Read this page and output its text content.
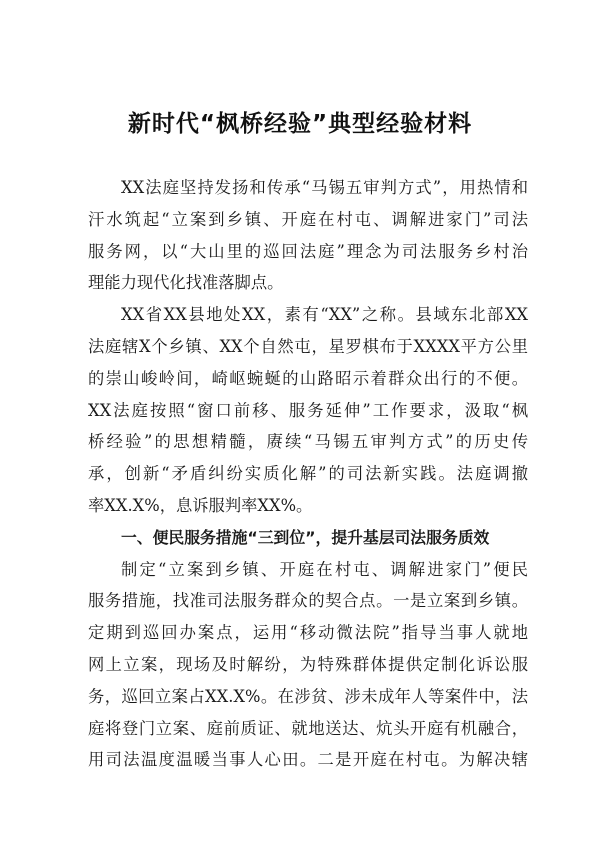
新时代“枫桥经验”典型经验材料
XX法庭坚持发扬和传承“马锡五审判方式”，用热情和
汗水筑起“立案到乡镇、开庭在村屯、调解进家门”司法
服务网，以“大山里的巡回法庭”理念为司法服务乡村治
理能力现代化找准落脚点。
XX省XX县地处XX，素有“XX”之称。县域东北部XX
法庭辖X个乡镇、XX个自然屯，星罗棋布于XXXX平方公里
的崇山峻岭间，崎岖蜿蜒的山路昭示着群众出行的不便。
XX法庭按照“窗口前移、服务延伸”工作要求，汲取“枫
桥经验”的思想精髓，赓续“马锡五审判方式”的历史传
承，创新“矛盾纠纷实质化解”的司法新实践。法庭调撤
率XX.X%，息诉服判率XX%。
一、便民服务措施“三到位”，提升基层司法服务质效
制定“立案到乡镇、开庭在村屯、调解进家门”便民
服务措施，找准司法服务群众的契合点。一是立案到乡镇。
定期到巡回办案点，运用“移动微法院”指导当事人就地
网上立案，现场及时解纷，为特殊群体提供定制化诉讼服
务，巡回立案占XX.X%。在涉贫、涉未成年人等案件中，法
庭将登门立案、庭前质证、就地送达、炕头开庭有机融合，
用司法温度温暖当事人心田。二是开庭在村屯。为解决辖
